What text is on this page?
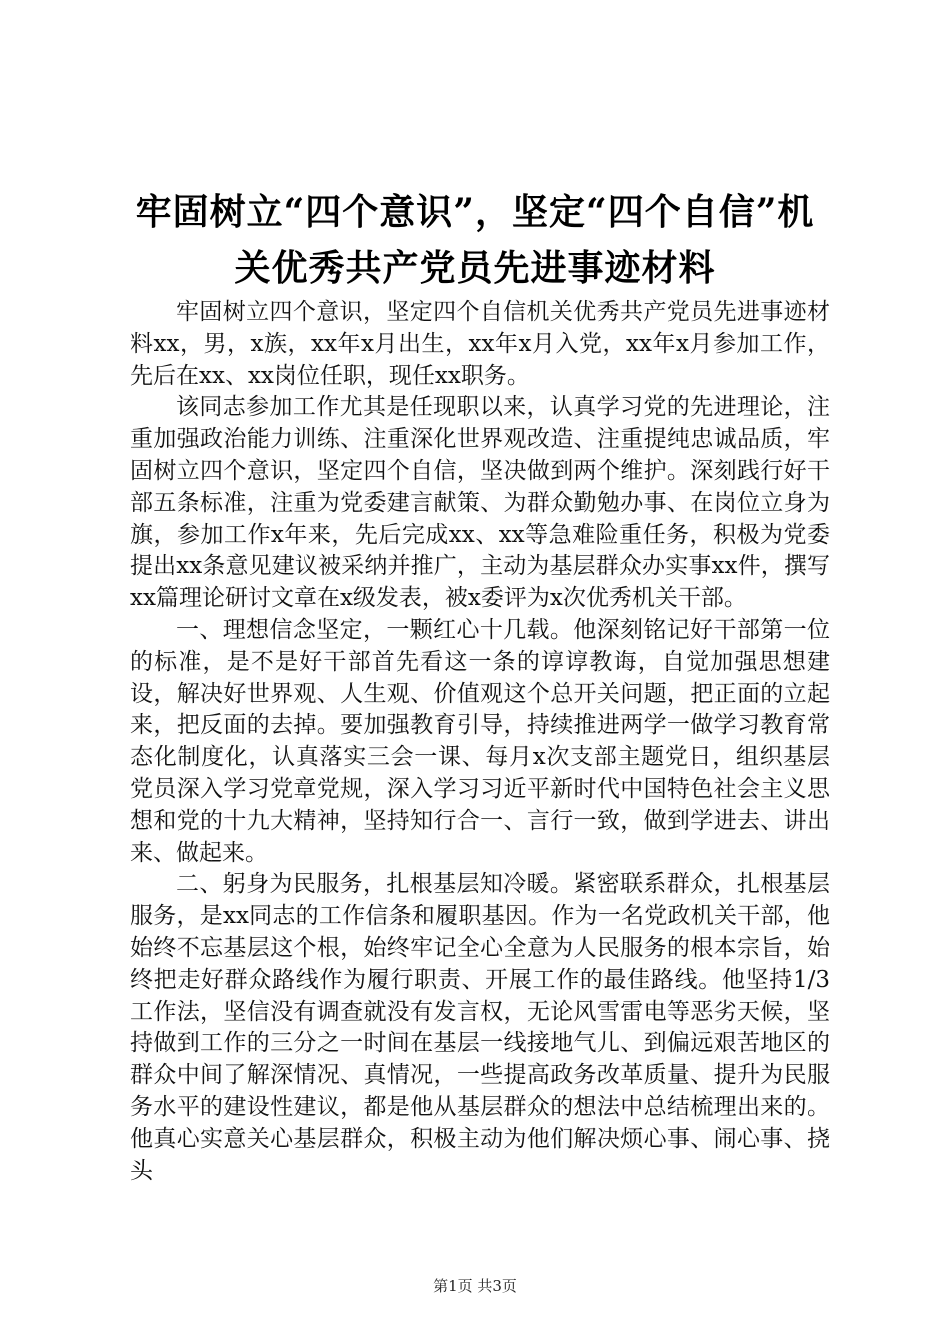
牢固树立“四个意识”，坚定“四个自信”机
关优秀共产党员先进事迹材料

牢固树立四个意识，坚定四个自信机关优秀共产党员先进事迹材料xx，男，x族，xx年x月出生，xx年x月入党，xx年x月参加工作，先后在xx、xx岗位任职，现任xx职务。

该同志参加工作尤其是任现职以来，认真学习党的先进理论，注重加强政治能力训练、注重深化世界观改造、注重提纯忠诚品质，牢固树立四个意识，坚定四个自信，坚决做到两个维护。深刻践行好干部五条标准，注重为党委建言献策、为群众勤勉办事、在岗位立身为旗，参加工作x年来，先后完成xx、xx等急难险重任务，积极为党委提出xx条意见建议被采纳并推广，主动为基层群众办实事xx件，撰写xx篇理论研讨文章在x级发表，被x委评为x次优秀机关干部。

一、理想信念坚定，一颗红心十几载。他深刻铭记好干部第一位的标准，是不是好干部首先看这一条的谆谆教诲，自觉加强思想建设，解决好世界观、人生观、价值观这个总开关问题，把正面的立起来，把反面的去掉。要加强教育引导，持续推进两学一做学习教育常态化制度化，认真落实三会一课、每月x次支部主题党日，组织基层党员深入学习党章党规，深入学习习近平新时代中国特色社会主义思想和党的十九大精神，坚持知行合一、言行一致，做到学进去、讲出来、做起来。

二、躬身为民服务，扎根基层知冷暖。紧密联系群众，扎根基层服务，是xx同志的工作信条和履职基因。作为一名党政机关干部，他始终不忘基层这个根，始终牢记全心全意为人民服务的根本宗旨，始终把走好群众路线作为履行职责、开展工作的最佳路线。他坚持1/3工作法，坚信没有调查就没有发言权，无论风雪雷电等恶劣天候，坚持做到工作的三分之一时间在基层一线接地气儿、到偏远艰苦地区的群众中间了解深情况、真情况，一些提高政务改革质量、提升为民服务水平的建设性建议，都是他从基层群众的想法中总结梳理出来的。他真心实意关心基层群众，积极主动为他们解决烦心事、闹心事、挠头

第1页 共3页
